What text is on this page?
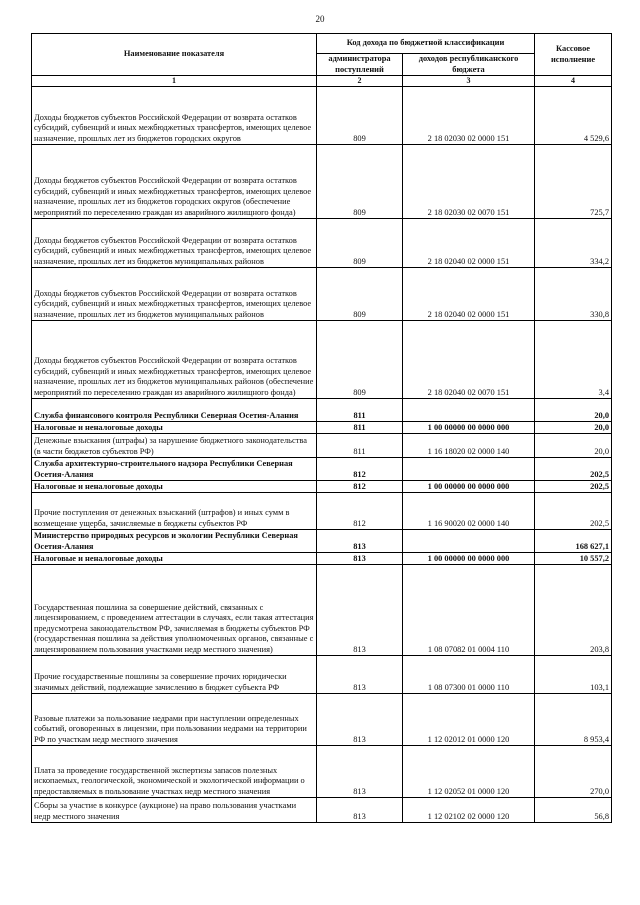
20
Наименование показателя	Код дохода по бюджетной классификации		Кассовое исполнение
	администратора поступлений	доходов республиканского бюджета	
1	2	3	4
Доходы бюджетов субъектов Российской Федерации от возврата остатков субсидий, субвенций и иных межбюджетных трансфертов, имеющих целевое назначение, прошлых лет из бюджетов городских округов	809	2 18 02030 02 0000 151	4 529,6
Доходы бюджетов субъектов Российской Федерации от возврата остатков субсидий, субвенций и иных межбюджетных трансфертов, имеющих целевое назначение, прошлых лет из бюджетов городских округов (обеспечение мероприятий по переселению граждан из аварийного жилищного фонда)	809	2 18 02030 02 0070 151	725,7
Доходы бюджетов субъектов Российской Федерации от возврата остатков субсидий, субвенций и иных межбюджетных трансфертов, имеющих целевое назначение, прошлых лет из бюджетов муниципальных районов	809	2 18 02040 02 0000 151	334,2
Доходы бюджетов субъектов Российской Федерации от возврата остатков субсидий, субвенций и иных межбюджетных трансфертов, имеющих целевое назначение, прошлых лет из бюджетов муниципальных районов	809	2 18 02040 02 0000 151	330,8
Доходы бюджетов субъектов Российской Федерации от возврата остатков субсидий, субвенций и иных межбюджетных трансфертов, имеющих целевое назначение, прошлых лет из бюджетов муниципальных районов (обеспечение мероприятий по переселению граждан из аварийного жилищного фонда)	809	2 18 02040 02 0070 151	3,4
Служба финансового контроля Республики Северная Осетия-Алания	811		20,0
Налоговые и неналоговые доходы	811	1 00 00000 00 0000 000	20,0
Денежные взыскания (штрафы) за нарушение бюджетного законодательства (в части бюджетов субъектов РФ)	811	1 16 18020 02 0000 140	20,0
Служба архитектурно-строительного надзора Республики Северная Осетия-Алания	812		202,5
Налоговые и неналоговые доходы	812	1 00 00000 00 0000 000	202,5
Прочие поступления от денежных взысканий (штрафов) и иных сумм в возмещение ущерба, зачисляемые в бюджеты субъектов РФ	812	1 16 90020 02 0000 140	202,5
Министерство природных ресурсов и экологии Республики Северная Осетия-Алания	813		168 627,1
Налоговые и неналоговые доходы	813	1 00 00000 00 0000 000	10 557,2
Государственная пошлина за совершение действий, связанных с лицензированием, с проведением аттестации в случаях, если такая аттестация предусмотрена законодательством РФ, зачисляемая в бюджеты субъектов РФ (государственная пошлина за действия уполномоченных органов, связанные с лицензированием пользования участками недр местного значения)	813	1 08 07082 01 0004 110	203,8
Прочие государственные пошлины за совершение прочих юридически значимых действий, подлежащие зачислению в бюджет субъекта РФ	813	1 08 07300 01 0000 110	103,1
Разовые платежи за пользование недрами при наступлении определенных событий, оговоренных в лицензии, при пользовании недрами на территории РФ по участкам недр местного значения	813	1 12 02012 01 0000 120	8 953,4
Плата за проведение государственной экспертизы запасов полезных ископаемых, геологической, экономической и экологической информации о предоставляемых в пользование участках недр местного значения	813	1 12 02052 01 0000 120	270,0
Сборы за участие в конкурсе (аукционе) на право пользования участками недр местного значения	813	1 12 02102 02 0000 120	56,8
